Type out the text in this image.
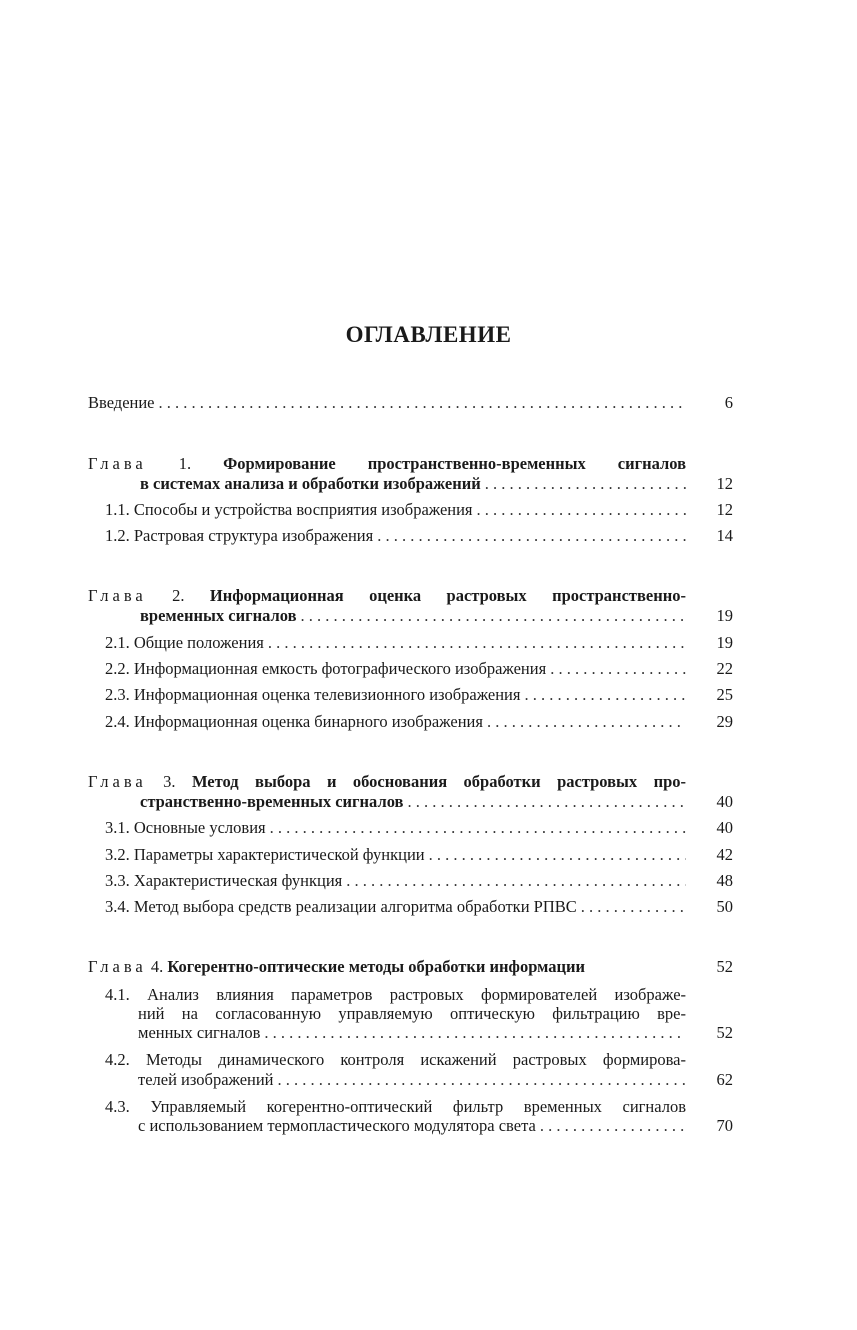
ОГЛАВЛЕНИЕ
Введение . . .	6
Глава 1. Формирование пространственно-временных сигналов
в системах анализа и обработки изображений . . .	12
1.1. Способы и устройства восприятия изображения . . .	12
1.2. Растровая структура изображения . . .	14
Глава 2. Информационная оценка растровых пространственно-
временных сигналов . . .	19
2.1. Общие положения . . .	19
2.2. Информационная емкость фотографического изображения . . .	22
2.3. Информационная оценка телевизионного изображения . . .	25
2.4. Информационная оценка бинарного изображения . . .	29
Глава 3. Метод выбора и обоснования обработки растровых про-
странственно-временных сигналов . . .	40
3.1. Основные условия . . .	40
3.2. Параметры характеристической функции . . .	42
3.3. Характеристическая функция . . .	48
3.4. Метод выбора средств реализации алгоритма обработки РПВС . . .	50
Глава 4. Когерентно-оптические методы обработки информации	52
4.1. Анализ влияния параметров растровых формирователей изображе-
ний на согласованную управляемую оптическую фильтрацию вре-
менных сигналов . . .	52
4.2. Методы динамического контроля искажений растровых формирова-
телей изображений . . .	62
4.3. Управляемый когерентно-оптический фильтр временных сигналов
с использованием термопластического модулятора света . . .	70
